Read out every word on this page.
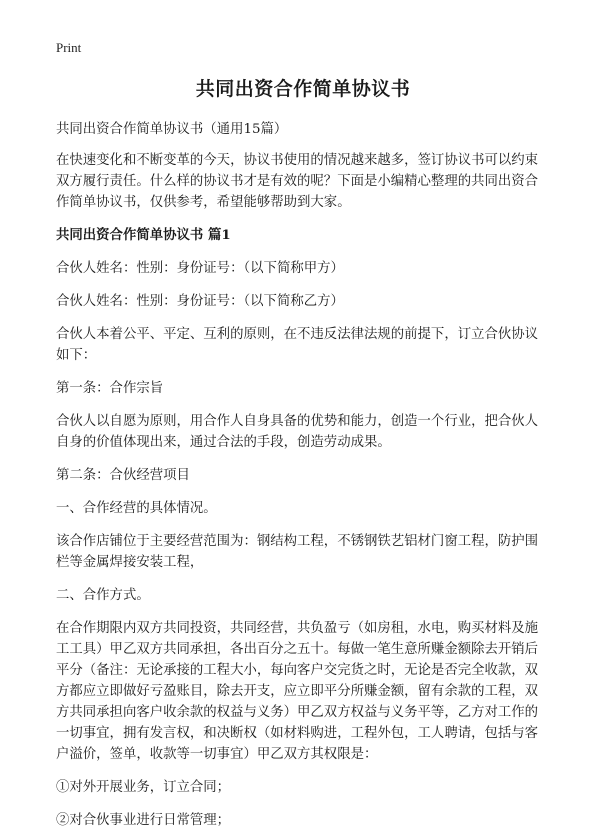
Print
共同出资合作简单协议书

共同出资合作简单协议书（通用15篇）

在快速变化和不断变革的今天，协议书使用的情况越来越多，签订协议书可以约束双方履行责任。什么样的协议书才是有效的呢？下面是小编精心整理的共同出资合作简单协议书，仅供参考，希望能够帮助到大家。

共同出资合作简单协议书 篇1

合伙人姓名：性别：身份证号：（以下简称甲方）

合伙人姓名：性别：身份证号：（以下简称乙方）

合伙人本着公平、平定、互利的原则，在不违反法律法规的前提下，订立合伙协议如下：

第一条：合作宗旨

合伙人以自愿为原则，用合作人自身具备的优势和能力，创造一个行业，把合伙人自身的价值体现出来，通过合法的手段，创造劳动成果。

第二条：合伙经营项目

一、合作经营的具体情况。

该合作店铺位于主要经营范围为：钢结构工程，不锈钢铁艺铝材门窗工程，防护围栏等金属焊接安装工程，

二、合作方式。

在合作期限内双方共同投资，共同经营，共负盈亏（如房租，水电，购买材料及施工工具）甲乙双方共同承担，各出百分之五十。每做一笔生意所赚金额除去开销后平分（备注：无论承接的工程大小，每向客户交完货之时，无论是否完全收款，双方都应立即做好亏盈账目，除去开支，应立即平分所赚金额，留有余款的工程，双方共同承担向客户收余款的权益与义务）甲乙双方权益与义务平等，乙方对工作的一切事宜，拥有发言权，和决断权（如材料购进，工程外包，工人聘请，包括与客户溢价，签单，收款等一切事宜）甲乙双方其权限是：

①对外开展业务，订立合同；

②对合伙事业进行日常管理；
